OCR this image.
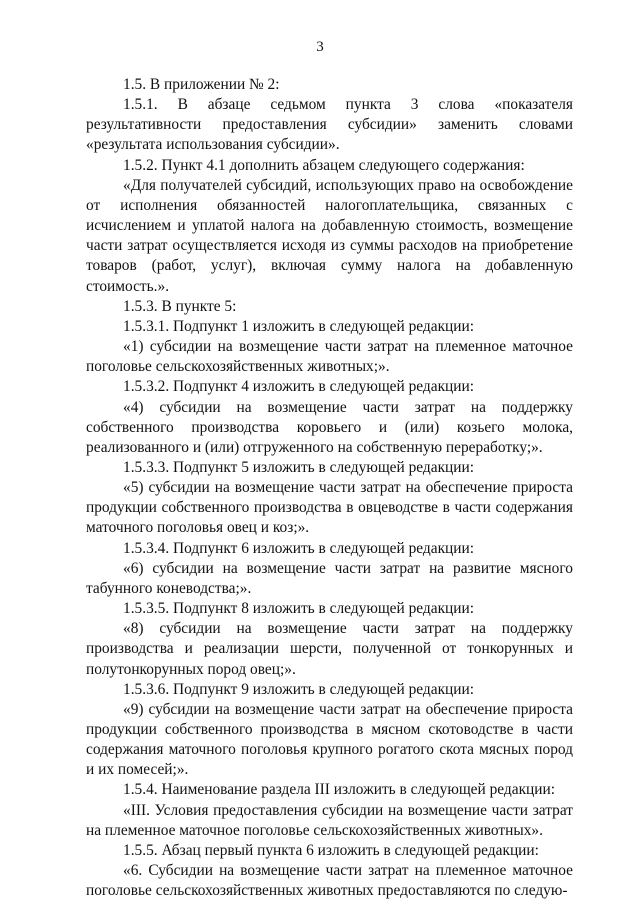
3

1.5. В приложении № 2:

1.5.1. В абзаце седьмом пункта 3 слова «показателя результативности предоставления субсидии» заменить словами «результата использования субсидии».

1.5.2. Пункт 4.1 дополнить абзацем следующего содержания:

«Для получателей субсидий, использующих право на освобождение от исполнения обязанностей налогоплательщика, связанных с исчислением и уплатой налога на добавленную стоимость, возмещение части затрат осуществляется исходя из суммы расходов на приобретение товаров (работ, услуг), включая сумму налога на добавленную стоимость.».

1.5.3. В пункте 5:

1.5.3.1. Подпункт 1 изложить в следующей редакции:

«1) субсидии на возмещение части затрат на племенное маточное поголовье сельскохозяйственных животных;».

1.5.3.2. Подпункт 4 изложить в следующей редакции:

«4) субсидии на возмещение части затрат на поддержку собственного производства коровьего и (или) козьего молока, реализованного и (или) отгруженного на собственную переработку;».

1.5.3.3. Подпункт 5 изложить в следующей редакции:

«5) субсидии на возмещение части затрат на обеспечение прироста продукции собственного производства в овцеводстве в части содержания маточного поголовья овец и коз;».

1.5.3.4. Подпункт 6 изложить в следующей редакции:

«6) субсидии на возмещение части затрат на развитие мясного табунного коневодства;».

1.5.3.5. Подпункт 8 изложить в следующей редакции:

«8) субсидии на возмещение части затрат на поддержку производства и реализации шерсти, полученной от тонкорунных и полутонкорунных пород овец;».

1.5.3.6. Подпункт 9 изложить в следующей редакции:

«9) субсидии на возмещение части затрат на обеспечение прироста продукции собственного производства в мясном скотоводстве в части содержания маточного поголовья крупного рогатого скота мясных пород и их помесей;».

1.5.4. Наименование раздела III изложить в следующей редакции:

«III. Условия предоставления субсидии на возмещение части затрат на племенное маточное поголовье сельскохозяйственных животных».

1.5.5. Абзац первый пункта 6 изложить в следующей редакции:

«6. Субсидии на возмещение части затрат на племенное маточное поголовье сельскохозяйственных животных предоставляются по следую-
